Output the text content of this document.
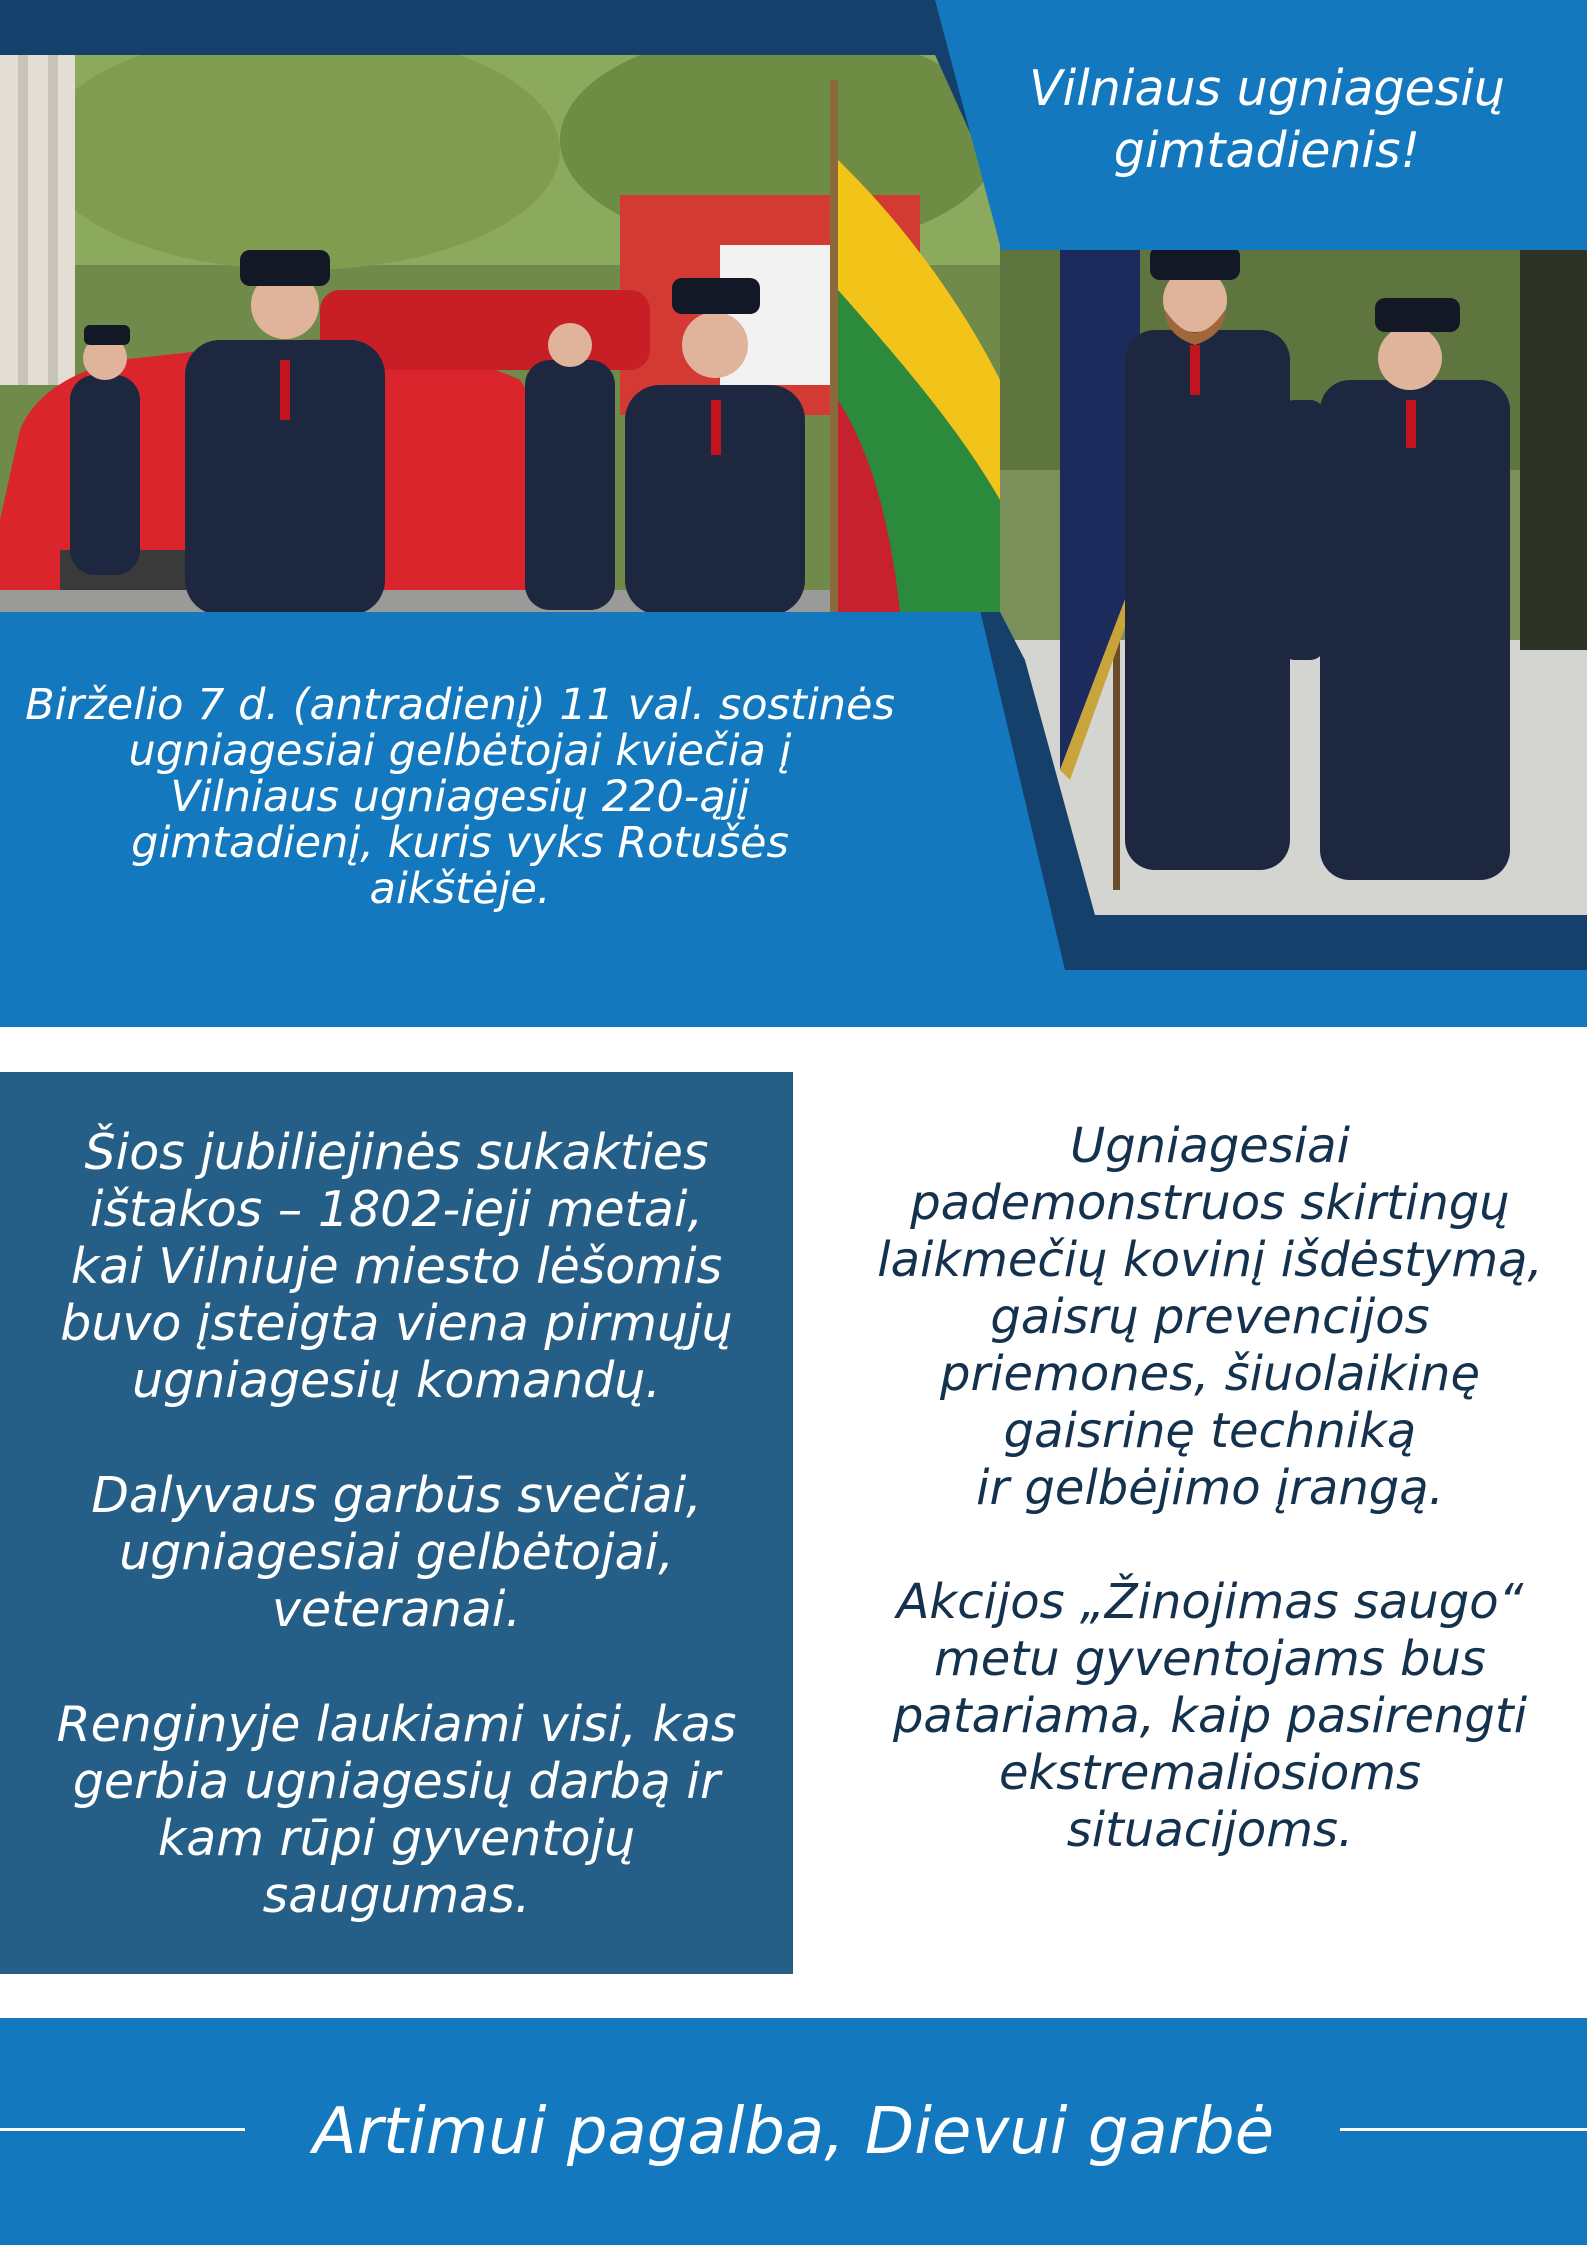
Vilniaus ugniagesių
gimtadienis!

Birželio 7 d. (antradienį) 11 val. sostinės
ugniagesiai gelbėtojai kviečia į
Vilniaus ugniagesių 220-ąjį
gimtadienį, kuris vyks Rotušės
aikštėje.

Šios jubiliejinės sukakties
ištakos – 1802-ieji metai,
kai Vilniuje miesto lėšomis
buvo įsteigta viena pirmųjų
ugniagesių komandų.

Dalyvaus garbūs svečiai,
ugniagesiai gelbėtojai,
veteranai.

Renginyje laukiami visi, kas
gerbia ugniagesių darbą ir
kam rūpi gyventojų
saugumas.

Ugniagesiai
pademonstruos skirtingų
laikmečių kovinį išdėstymą,
gaisrų prevencijos
priemones, šiuolaikinę
gaisrinę techniką
ir gelbėjimo įrangą.

Akcijos „Žinojimas saugo“
metu gyventojams bus
patariama, kaip pasirengti
ekstremaliosioms
situacijoms.

Artimui pagalba, Dievui garbė
